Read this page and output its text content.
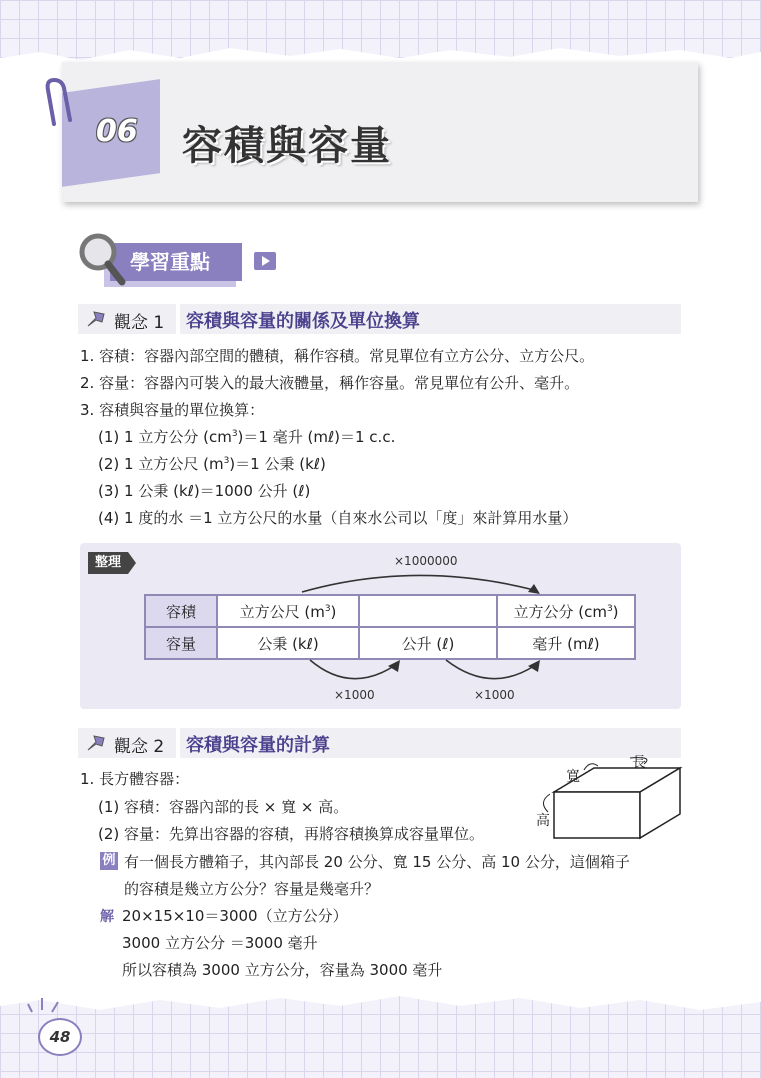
06 容積與容量
學習重點
觀念 1 容積與容量的關係及單位換算
1. 容積：容器內部空間的體積，稱作容積。常見單位有立方公分、立方公尺。
2. 容量：容器內可裝入的最大液體量，稱作容量。常見單位有公升、毫升。
3. 容積與容量的單位換算：
(1) 1 立方公分 $(cm^3)=1$ 毫升 (mℓ)＝1 c.c.
(2) 1 立方公尺 $(m^3)=1$ 公秉 (kℓ)
(3) 1 公秉 (kℓ)＝1000 公升 (ℓ)
(4) 1 度的水 ＝1 立方公尺的水量（自來水公司以「度」來計算用水量）
整理	×1000000
容積	立方公尺 $(m^3)$		立方公分 $(cm^3)$
容量	公秉 (kℓ)	公升 (ℓ)	毫升 (mℓ)
×1000	×1000
觀念 2 容積與容量的計算
1. 長方體容器：
(1) 容積：容器內部的長 × 寬 × 高。
(2) 容量：先算出容器的容積，再將容積換算成容量單位。
長
寬
高
例 有一個長方體箱子，其內部長 20 公分、寬 15 公分、高 10 公分，這個箱子
的容積是幾立方公分？容量是幾毫升？
解 20×15×10＝3000（立方公分）
3000 立方公分 ＝3000 毫升
所以容積為 3000 立方公分，容量為 3000 毫升
48
